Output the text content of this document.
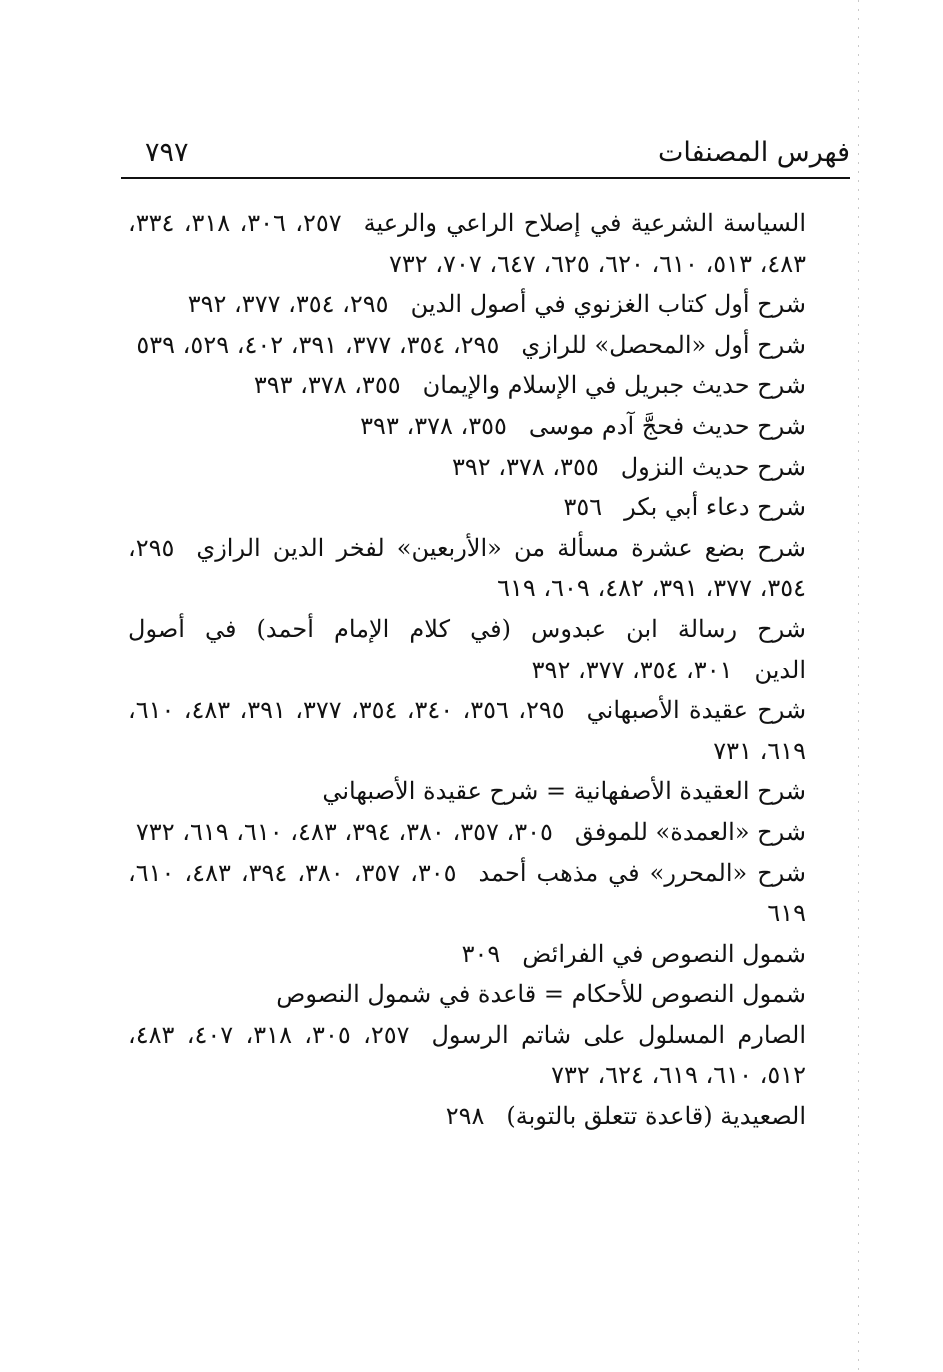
فهرس المصنفات
٧٩٧

السياسة الشرعية في إصلاح الراعي والرعية٢٥٧، ٣٠٦، ٣١٨، ٣٣٤، ٤٨٣، ٥١٣، ٦١٠، ٦٢٠، ٦٢٥، ٦٤٧، ٧٠٧، ٧٣٢

شرح أول كتاب الغزنوي في أصول الدين٢٩٥، ٣٥٤، ٣٧٧، ٣٩٢

شرح أول «المحصل» للرازي٢٩٥، ٣٥٤، ٣٧٧، ٣٩١، ٤٠٢، ٥٢٩، ٥٣٩

شرح حديث جبريل في الإسلام والإيمان٣٥٥، ٣٧٨، ٣٩٣

شرح حديث فحجَّ آدم موسى٣٥٥، ٣٧٨، ٣٩٣

شرح حديث النزول٣٥٥، ٣٧٨، ٣٩٢

شرح دعاء أبي بكر٣٥٦

شرح بضع عشرة مسألة من «الأربعين» لفخر الدين الرازي٢٩٥، ٣٥٤، ٣٧٧، ٣٩١، ٤٨٢، ٦٠٩، ٦١٩

شرح رسالة ابن عبدوس (في كلام الإمام أحمد) في أصول الدين٣٠١، ٣٥٤، ٣٧٧، ٣٩٢

شرح عقيدة الأصبهاني٢٩٥، ٣٥٦، ٣٤٠، ٣٥٤، ٣٧٧، ٣٩١، ٤٨٣، ٦١٠، ٦١٩، ٧٣١

شرح العقيدة الأصفهانية = شرح عقيدة الأصبهاني

شرح «العمدة» للموفق٣٠٥، ٣٥٧، ٣٨٠، ٣٩٤، ٤٨٣، ٦١٠، ٦١٩، ٧٣٢

شرح «المحرر» في مذهب أحمد٣٠٥، ٣٥٧، ٣٨٠، ٣٩٤، ٤٨٣، ٦١٠، ٦١٩

شمول النصوص في الفرائض٣٠٩

شمول النصوص للأحكام = قاعدة في شمول النصوص

الصارم المسلول على شاتم الرسول٢٥٧، ٣٠٥، ٣١٨، ٤٠٧، ٤٨٣، ٥١٢، ٦١٠، ٦١٩، ٦٢٤، ٧٣٢

الصعيدية (قاعدة تتعلق بالتوبة)٢٩٨
